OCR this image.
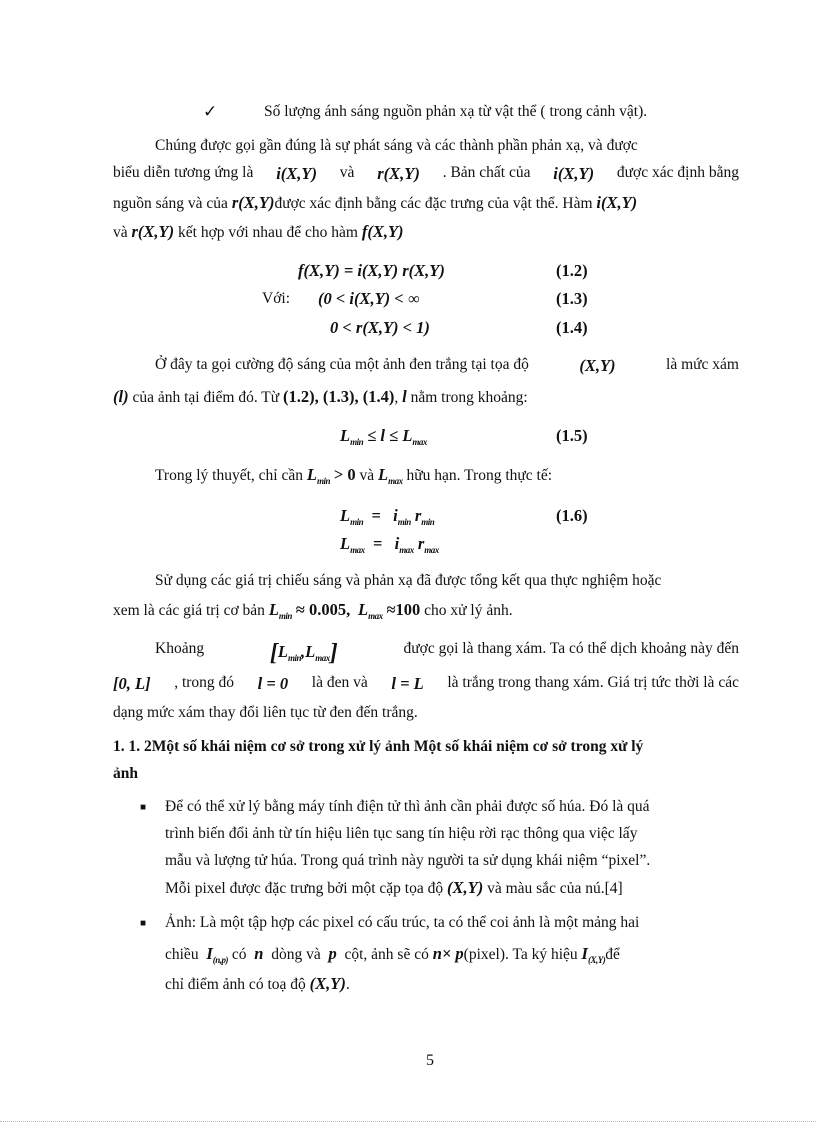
✓	Số lượng ánh sáng nguồn phản xạ từ vật thể ( trong cảnh vật).
Chúng được gọi gần đúng là sự phát sáng và các thành phần phản xạ, và được
biểu diễn tương ứng là i(X,Y) và r(X,Y) . Bản chất của i(X,Y) được xác định bằng
nguồn sáng và của r(X,Y)được xác định bằng các đặc trưng của vật thể. Hàm i(X,Y)
và r(X,Y) kết hợp với nhau để cho hàm f(X,Y)
f(X,Y) = i(X,Y) r(X,Y)	(1.2)
Với: (0 < i(X,Y) < ∞	(1.3)
0 < r(X,Y) < 1)	(1.4)
Ở đây ta gọi cường độ sáng của một ảnh đen trắng tại tọa độ	(X,Y)	là mức xám
(l) của ảnh tại điểm đó. Từ (1.2), (1.3), (1.4), l nằm trong khoảng:
$L_{min} \le l \le L_{max}$	(1.5)
Trong lý thuyết, chỉ cần $L_{min} > 0$ và $L_{max}$ hữu hạn. Trong thực tế:
$L_{min} = i_{min}$ $r_{min}$	(1.6)
$L_{max} = i_{max}$ $r_{max}$
Sử dụng các giá trị chiếu sáng và phản xạ đã được tổng kết qua thực nghiệm hoặc
xem là các giá trị cơ bản $L_{min} \approx 0.005$, $L_{max} \approx 100$ cho xử lý ảnh.
Khoảng	$[L_{min},L_{max}]$	được gọi là thang xám. Ta có thể dịch khoảng này đến
[0, L] , trong đó l = 0 là đen và l = L là trắng trong thang xám. Giá trị tức thời là các
dạng mức xám thay đổi liên tục từ đen đến trắng.
1. 1. 2Một số khái niệm cơ sở trong xử lý ảnh Một số khái niệm cơ sở trong xử lý
ảnh
■ Để có thể xử lý bằng máy tính điện tử thì ảnh cần phải được số húa. Đó là quá
trình biến đổi ảnh từ tín hiệu liên tục sang tín hiệu rời rạc thông qua việc lấy
mẫu và lượng tử húa. Trong quá trình này người ta sử dụng khái niệm “pixel”.
Mỗi pixel được đặc trưng bởi một cặp tọa độ (X,Y) và màu sắc của nú.[4]
■ Ảnh: Là một tập hợp các pixel có cấu trúc, ta có thể coi ảnh là một mảng hai
chiều $I_{(n,p)}$ có n dòng và p cột, ảnh sẽ có n× p(pixel). Ta ký hiệu $I_{(X,Y)}để$
chỉ điểm ảnh có toạ độ (X,Y).
5
